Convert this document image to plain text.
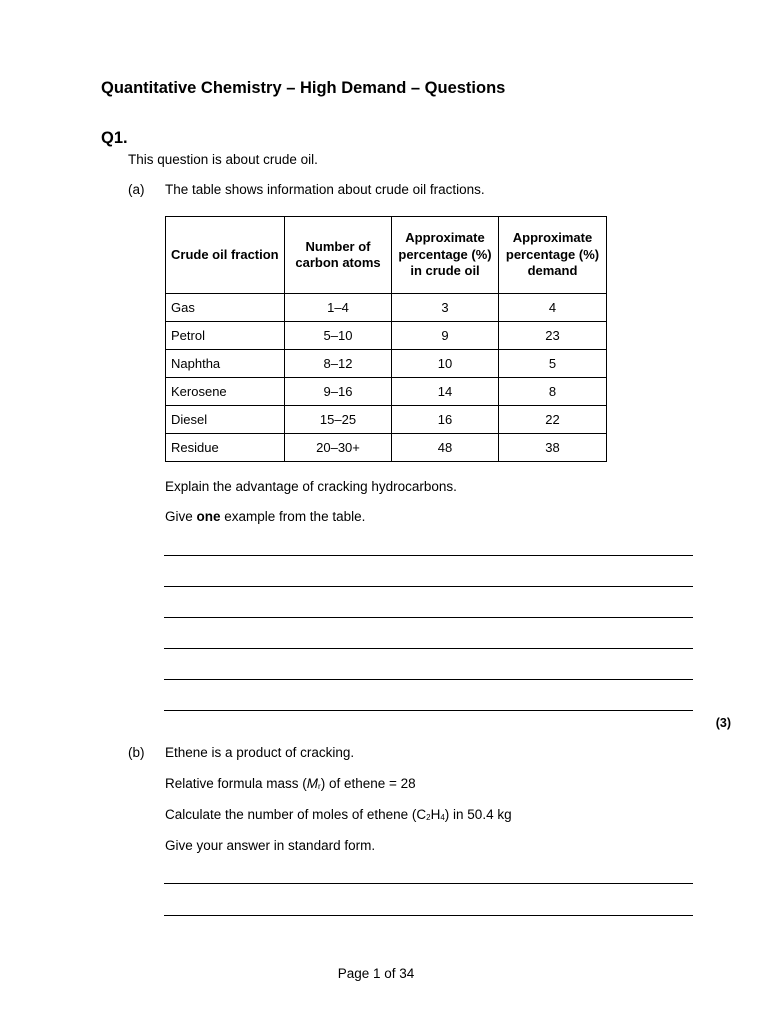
Quantitative Chemistry – High Demand – Questions
Q1.
This question is about crude oil.
(a) The table shows information about crude oil fractions.
Crude oil fraction	Number of carbon atoms	Approximate percentage (%) in crude oil	Approximate percentage (%) demand
Gas	1–4	3	4
Petrol	5–10	9	23
Naphtha	8–12	10	5
Kerosene	9–16	14	8
Diesel	15–25	16	22
Residue	20–30+	48	38
Explain the advantage of cracking hydrocarbons.
Give one example from the table.
(3)
(b) Ethene is a product of cracking.
Relative formula mass $(M_r)$ of ethene = 28
Calculate the number of moles of ethene $(C_2H_4)$ in 50.4 kg
Give your answer in standard form.
Page 1 of 34
